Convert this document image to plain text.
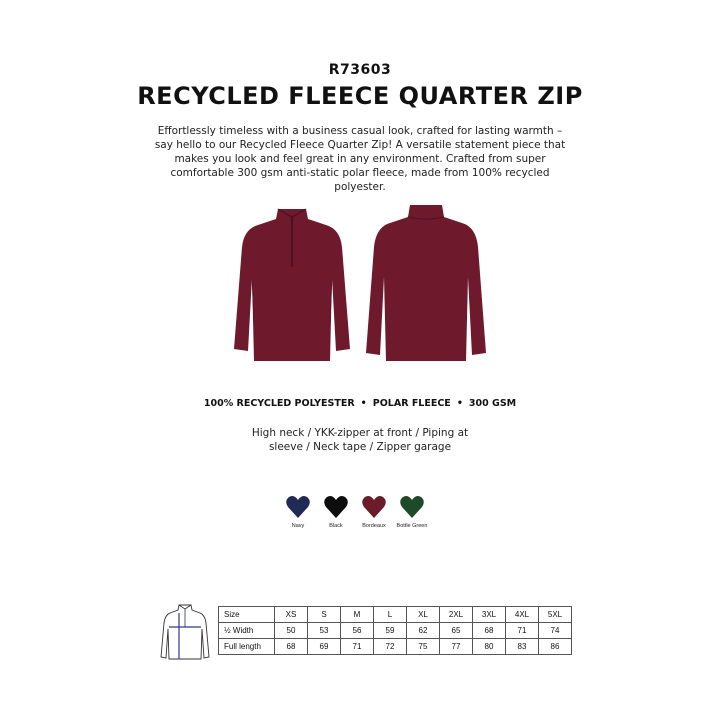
R73603
RECYCLED FLEECE QUARTER ZIP
Effortlessly timeless with a business casual look, crafted for lasting warmth – say hello to our Recycled Fleece Quarter Zip! A versatile statement piece that makes you look and feel great in any environment. Crafted from super comfortable 300 gsm anti-static polar fleece, made from 100% recycled polyester.
100% RECYCLED POLYESTER • POLAR FLEECE • 300 GSM
High neck / YKK-zipper at front / Piping at sleeve / Neck tape / Zipper garage
Navy	Black	Bordeaux Bottle Green
Size	XS	S	M	L	XL	2XL	3XL	4XL	5XL
½ Width	50	53	56	59	62	65	68	71	74
Full length	68	69	71	72	75	77	80	83	86
